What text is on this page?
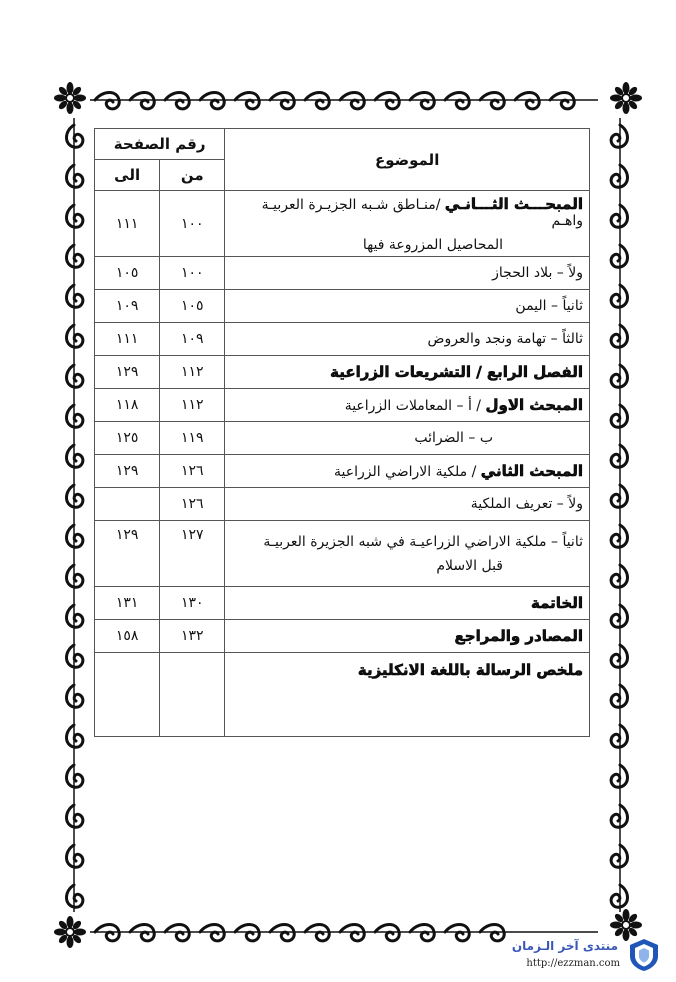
الموضوع	رقم الصفحة	
	من	الى
المبحـــث الثـــانـي /منـاطق شـبه الجزيـرة العربيـة واهـم
المحاصيل المزروعة فيها	١٠٠	١١١
ولاً – بلاد الحجاز	١٠٠	١٠٥
ثانياً – اليمن	١٠٥	١٠٩
ثالثاً – تهامة ونجد والعروض	١٠٩	١١١
الفصل الرابع / التشريعات الزراعية	١١٢	١٢٩
المبحث الاول / أ – المعاملات الزراعية	١١٢	١١٨
ب – الضرائب	١١٩	١٢٥
المبحث الثاني / ملكية الاراضي الزراعية	١٢٦	١٢٩
ولاً – تعريف الملكية	١٢٦	
ثانياً – ملكية الاراضي الزراعيـة في شبه الجزيرة العربيـة
قبل الاسلام	١٢٧	١٢٩
الخاتمة	١٣٠	١٣١
المصادر والمراجع	١٣٢	١٥٨
ملخص الرسالة باللغة الانكليزية		
منتدى آخر الـزمان
http://ezzman.com
